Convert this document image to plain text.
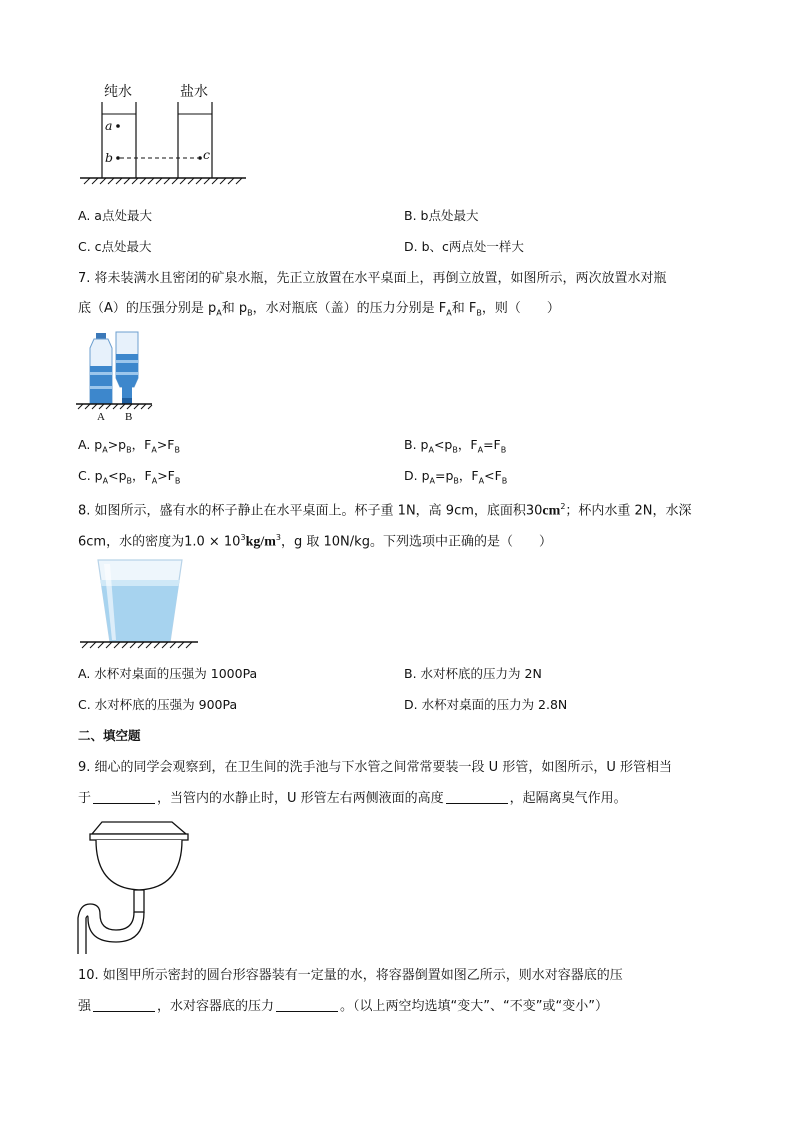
纯水	盐水
a
b	c
A. a点处最大	B. b点处最大
C. c点处最大	D. b、c两点处一样大
7. 将未装满水且密闭的矿泉水瓶，先正立放置在水平桌面上，再倒立放置，如图所示，两次放置水对瓶
底（A）的压强分别是 $p_A$和 $p_B$，水对瓶底（盖）的压力分别是 $F_A$和 $F_B$，则（　　）
A B
A. $p_A>p_B$，$F_A>F_B$	B. $p_A<p_B$，$F_A=F_B$
C. $p_A<p_B$，$F_A>F_B$	D. $p_A=p_B$，$F_A<F_B$
8. 如图所示，盛有水的杯子静止在水平桌面上。杯子重 1N，高 9cm，底面积$30cm^2$；杯内水重 2N，水深
6cm，水的密度为$1.0 \times 10^3kg/m^3$，g 取 10N/kg。下列选项中正确的是（　　）
A. 水杯对桌面的压强为 1000Pa	B. 水对杯底的压力为 2N
C. 水对杯底的压强为 900Pa	D. 水杯对桌面的压力为 2.8N
二、填空题
9. 细心的同学会观察到，在卫生间的洗手池与下水管之间常常要装一段 U 形管，如图所示，U 形管相当
于	，当管内的水静止时，U 形管左右两侧液面的高度	，起隔离臭气作用。
10. 如图甲所示密封的圆台形容器装有一定量的水，将容器倒置如图乙所示，则水对容器底的压
强	，水对容器底的压力	。（以上两空均选填“变大”、“不变”或“变小”）
